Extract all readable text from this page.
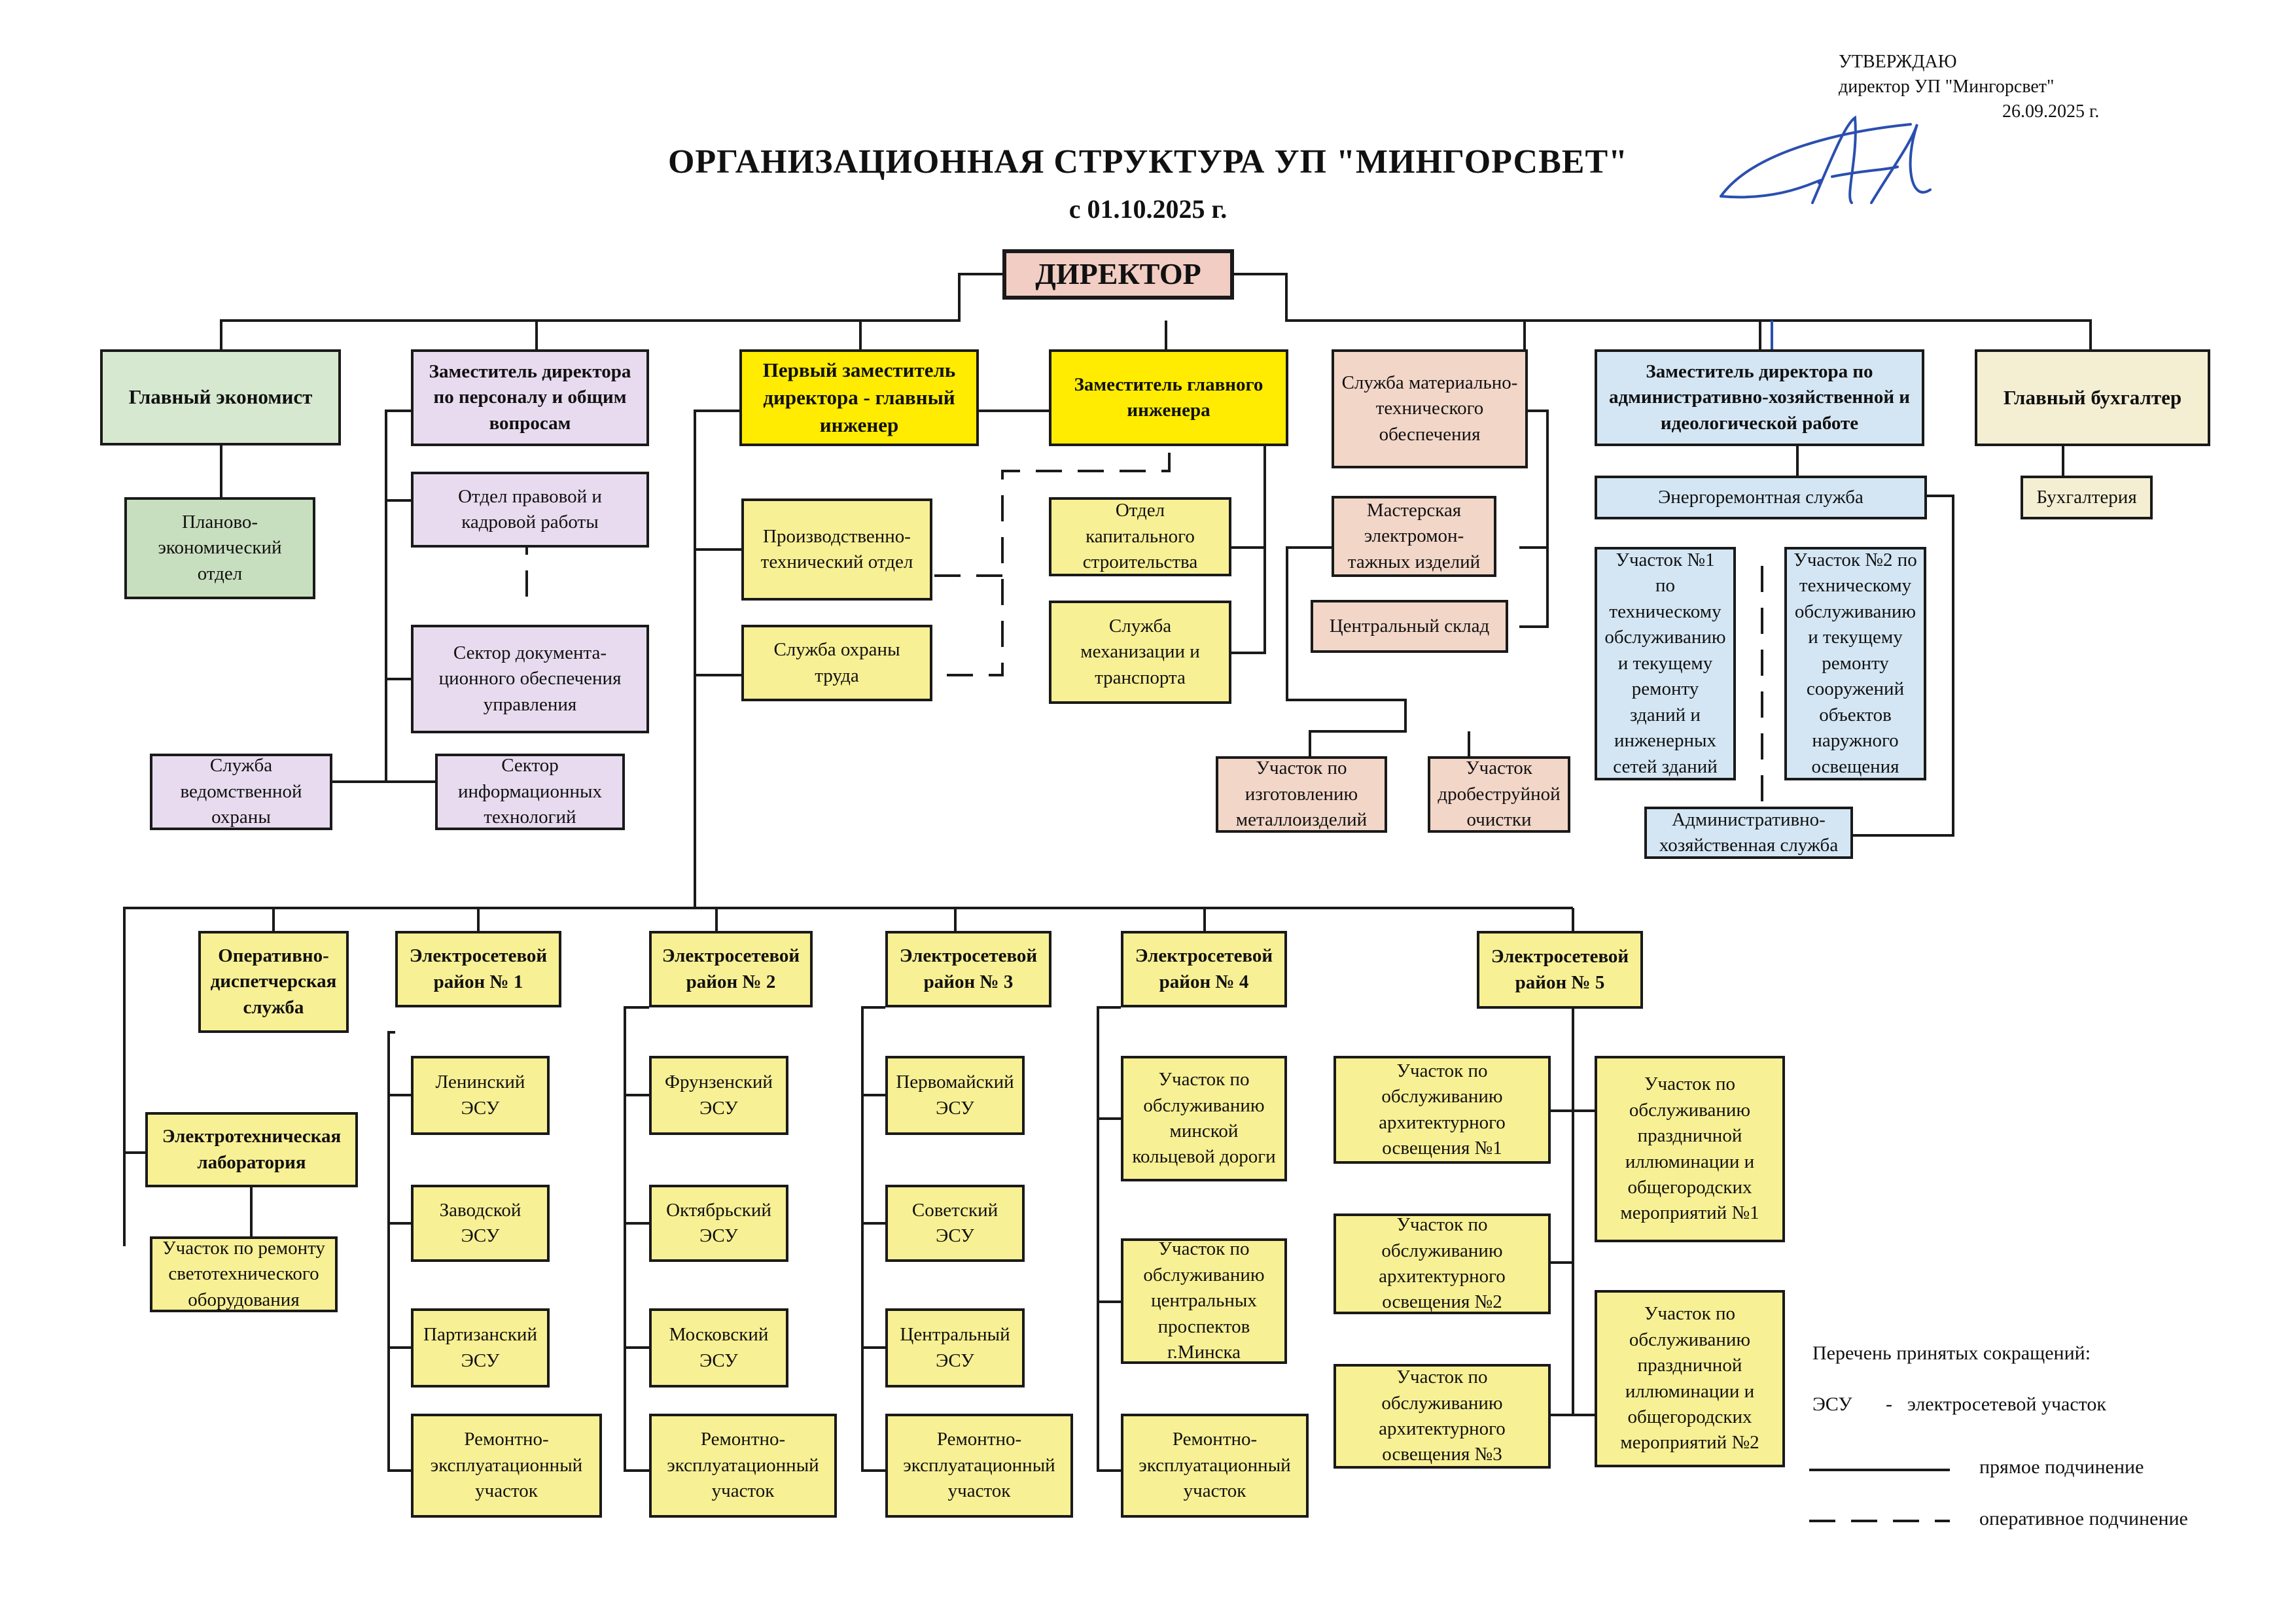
УТВЕРЖДАЮ
директор УП "Мингорсвет"
26.09.2025 г.
ОРГАНИЗАЦИОННАЯ СТРУКТУРА УП "МИНГОРСВЕТ"
с 01.10.2025 г.
ДИРЕКТОР
Главный экономист
Планово-
экономический
отдел
Заместитель директора
по персоналу и общим
вопросам
Отдел правовой и
кадровой работы
Сектор документа-
ционного обеспечения
управления
Служба
ведомственной
охраны
Сектор
информационных
технологий
Первый заместитель
директора - главный
инженер
Производственно-
технический отдел
Служба охраны
труда
Заместитель главного
инженера
Отдел
капитального
строительства
Служба
механизации и
транспорта
Служба материально-
технического
обеспечения
Мастерская
электромон-
тажных изделий
Центральный склад
Участок по
изготовлению
металлоизделий
Участок
дробеструйной
очистки
Заместитель директора по
административно-хозяйственной и
идеологической работе
Энергоремонтная служба
Участок №1 по
техническому
обслуживанию
и текущему
ремонту
зданий и
инженерных
сетей зданий
Участок №2 по
техническому
обслуживанию
и текущему
ремонту
сооружений
объектов
наружного
освещения
Административно-
хозяйственная служба
Главный бухгалтер
Бухгалтерия
Оперативно-
диспетчерская
служба
Электротехническая
лаборатория
Участок по ремонту
светотехнического
оборудования
Электросетевой
район № 1
Ленинский
ЭСУ
Заводской
ЭСУ
Партизанский
ЭСУ
Ремонтно-
эксплуатационный
участок
Электросетевой
район № 2
Фрунзенский
ЭСУ
Октябрьский
ЭСУ
Московский
ЭСУ
Ремонтно-
эксплуатационный
участок
Электросетевой
район № 3
Первомайский
ЭСУ
Советский
ЭСУ
Центральный
ЭСУ
Ремонтно-
эксплуатационный
участок
Электросетевой
район № 4
Участок по
обслуживанию
минской
кольцевой дороги
Участок по
обслуживанию
центральных
проспектов
г.Минска
Ремонтно-
эксплуатационный
участок
Электросетевой
район № 5
Участок по
обслуживанию
архитектурного
освещения №1
Участок по
обслуживанию
архитектурного
освещения №2
Участок по
обслуживанию
архитектурного
освещения №3
Участок по
обслуживанию
праздничной
иллюминации и
общегородских
мероприятий №1
Участок по
обслуживанию
праздничной
иллюминации и
общегородских
мероприятий №2
Перечень принятых сокращений:
ЭСУ - электросетевой участок
прямое подчинение
оперативное подчинение
